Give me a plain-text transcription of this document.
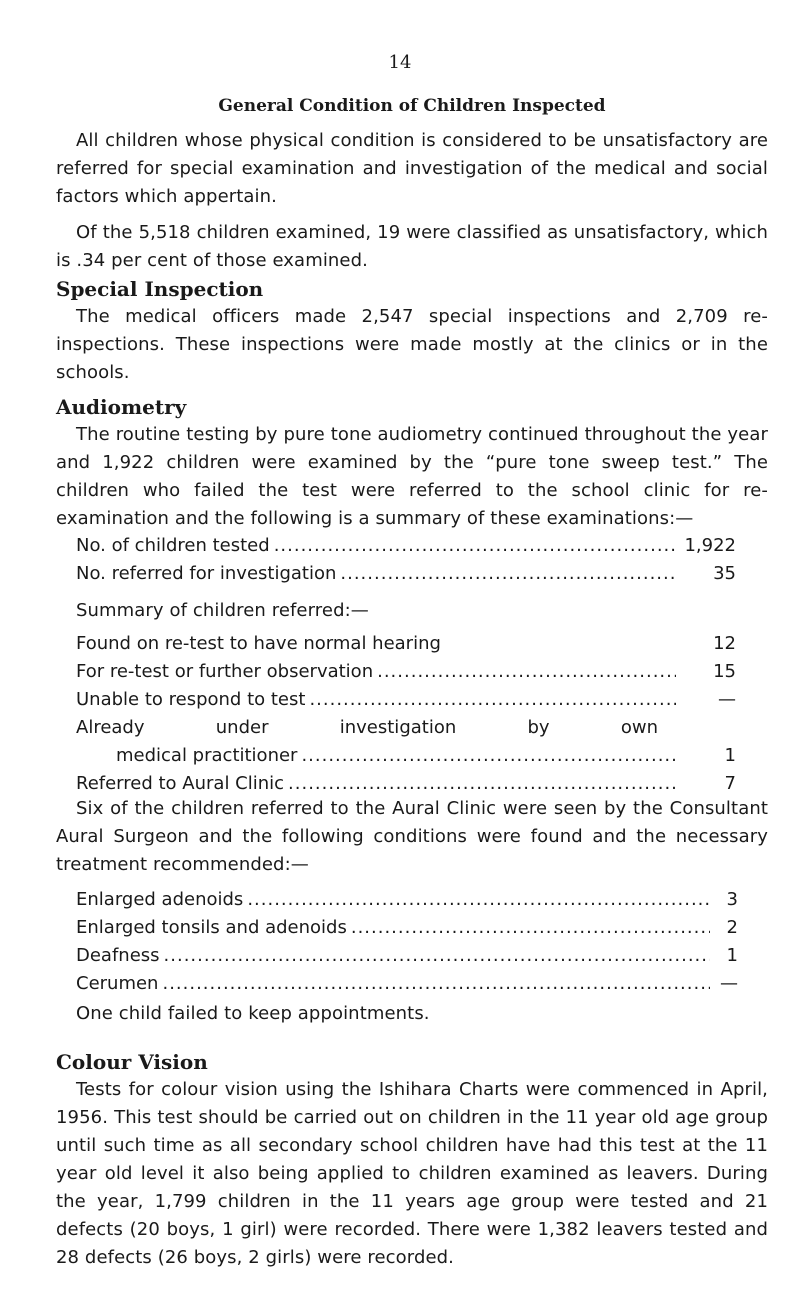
14
General Condition of Children Inspected

All children whose physical condition is considered to be unsatisfactory are referred for special examination and investigation of the medical and social factors which appertain.

Of the 5,518 children examined, 19 were classified as unsatisfactory, which is .34 per cent of those examined.

Special Inspection

The medical officers made 2,547 special inspections and 2,709 re-inspections. These inspections were made mostly at the clinics or in the schools.

Audiometry

The routine testing by pure tone audiometry continued throughout the year and 1,922 children were examined by the “pure tone sweep test.” The children who failed the test were referred to the school clinic for re-examination and the following is a summary of these examinations:—

No. of children tested .....	1,922
No. referred for investigation .....	35

Summary of children referred:—

Found on re-test to have normal hearing	12
For re-test or further observation .....	15
Unable to respond to test .....	—
Already under investigation by own
medical practitioner .....	1
Referred to Aural Clinic .....	7

Six of the children referred to the Aural Clinic were seen by the Consultant Aural Surgeon and the following conditions were found and the necessary treatment recommended:—

Enlarged adenoids .....	3
Enlarged tonsils and adenoids .....	2
Deafness .....	1
Cerumen .....	—

One child failed to keep appointments.

Colour Vision

Tests for colour vision using the Ishihara Charts were commenced in April, 1956. This test should be carried out on children in the 11 year old age group until such time as all secondary school children have had this test at the 11 year old level it also being applied to children examined as leavers. During the year, 1,799 children in the 11 years age group were tested and 21 defects (20 boys, 1 girl) were recorded. There were 1,382 leavers tested and 28 defects (26 boys, 2 girls) were recorded.
